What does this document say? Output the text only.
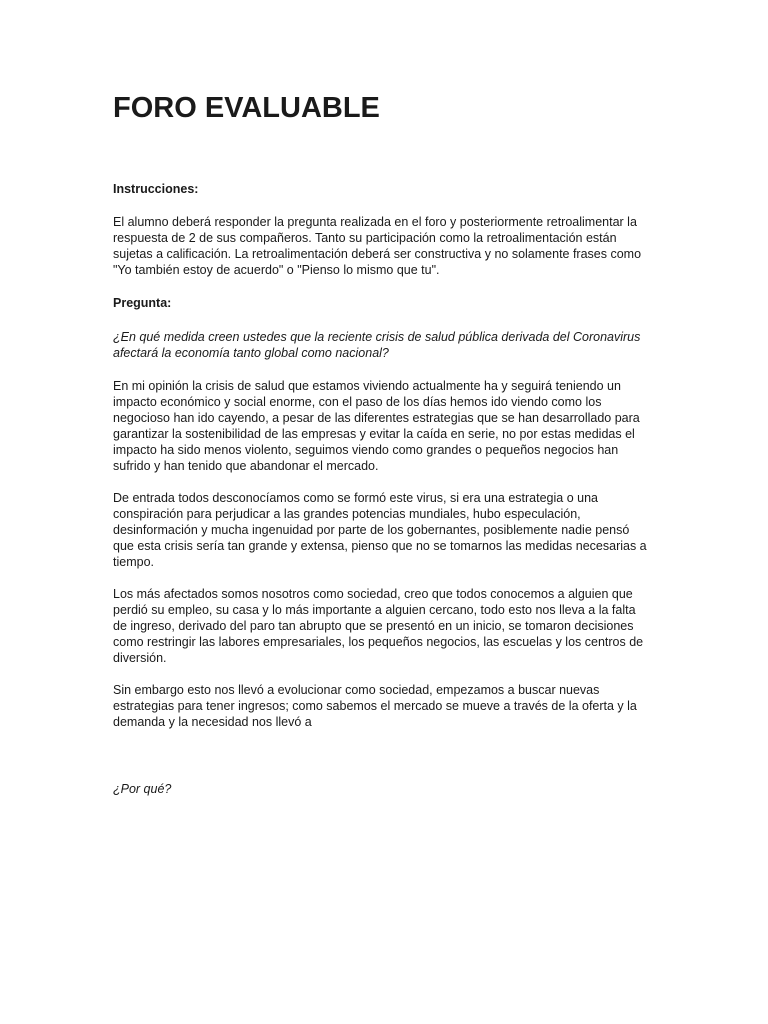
FORO EVALUABLE

Instrucciones:

El alumno deberá responder la pregunta realizada en el foro y posteriormente retroalimentar la
respuesta de 2 de sus compañeros. Tanto su participación como la retroalimentación están
sujetas a calificación. La retroalimentación deberá ser constructiva y no solamente frases como
"Yo también estoy de acuerdo" o "Pienso lo mismo que tu".

Pregunta:

¿En qué medida creen ustedes que la reciente crisis de salud pública derivada del Coronavirus
afectará la economía tanto global como nacional?
En mi opinión la crisis de salud que estamos viviendo actualmente ha y seguirá teniendo un
impacto económico y social enorme, con el paso de los días hemos ido viendo como los
negocioso han ido cayendo, a pesar de las diferentes estrategias que se han desarrollado para
garantizar la sostenibilidad de las empresas y evitar la caída en serie, no por estas medidas el
impacto ha sido menos violento, seguimos viendo como grandes o pequeños negocios han
sufrido y han tenido que abandonar el mercado.
De entrada todos desconocíamos como se formó este virus, si era una estrategia o una
conspiración para perjudicar a las grandes potencias mundiales, hubo especulación,
desinformación y mucha ingenuidad por parte de los gobernantes, posiblemente nadie pensó
que esta crisis sería tan grande y extensa, pienso que no se tomarnos las medidas necesarias a
tiempo.
Los más afectados somos nosotros como sociedad, creo que todos conocemos a alguien que
perdió su empleo, su casa y lo más importante a alguien cercano, todo esto nos lleva a la falta
de ingreso, derivado del paro tan abrupto que se presentó en un inicio, se tomaron decisiones
como restringir las labores empresariales, los pequeños negocios, las escuelas y los centros de
diversión.
Sin embargo esto nos llevó a evolucionar como sociedad, empezamos a buscar nuevas
estrategias para tener ingresos; como sabemos el mercado se mueve a través de la oferta y la
demanda y la necesidad nos llevó a

¿Por qué?
